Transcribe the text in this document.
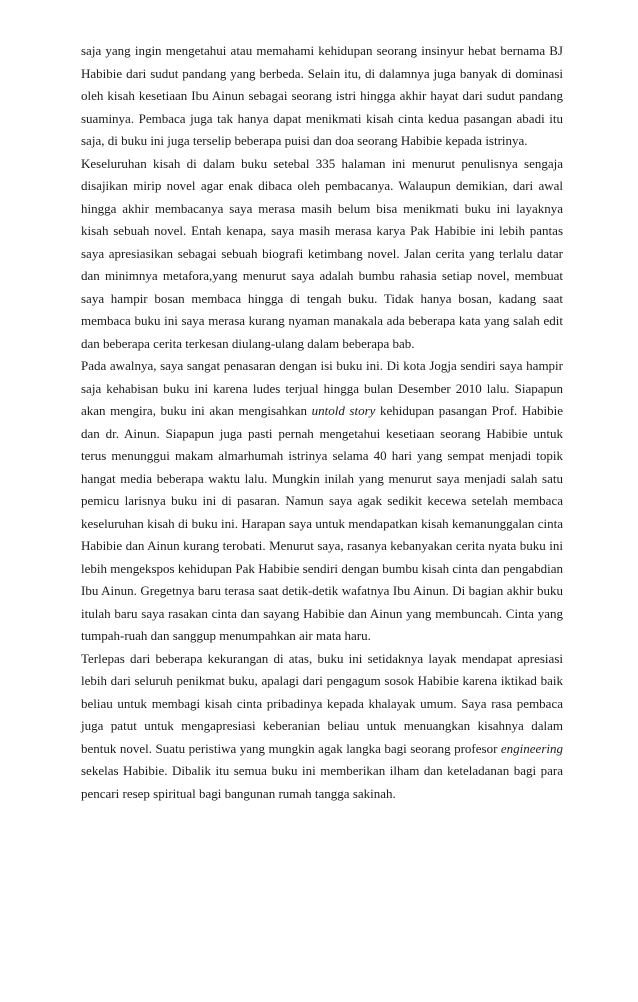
saja yang ingin mengetahui atau memahami kehidupan seorang insinyur hebat bernama BJ Habibie dari sudut pandang yang berbeda. Selain itu, di dalamnya juga banyak di dominasi oleh kisah kesetiaan Ibu Ainun sebagai seorang istri hingga akhir hayat dari sudut pandang suaminya. Pembaca juga tak hanya dapat menikmati kisah cinta kedua pasangan abadi itu saja, di buku ini juga terselip beberapa puisi dan doa seorang Habibie kepada istrinya.

Keseluruhan kisah di dalam buku setebal 335 halaman ini menurut penulisnya sengaja disajikan mirip novel agar enak dibaca oleh pembacanya. Walaupun demikian, dari awal hingga akhir membacanya saya merasa masih belum bisa menikmati buku ini layaknya kisah sebuah novel. Entah kenapa, saya masih merasa karya Pak Habibie ini lebih pantas saya apresiasikan sebagai sebuah biografi ketimbang novel. Jalan cerita yang terlalu datar dan minimnya metafora,yang menurut saya adalah bumbu rahasia setiap novel, membuat saya hampir bosan membaca hingga di tengah buku. Tidak hanya bosan, kadang saat membaca buku ini saya merasa kurang nyaman manakala ada beberapa kata yang salah edit dan beberapa cerita terkesan diulang-ulang dalam beberapa bab.

Pada awalnya, saya sangat penasaran dengan isi buku ini. Di kota Jogja sendiri saya hampir saja kehabisan buku ini karena ludes terjual hingga bulan Desember 2010 lalu. Siapapun akan mengira, buku ini akan mengisahkan untold story kehidupan pasangan Prof. Habibie dan dr. Ainun. Siapapun juga pasti pernah mengetahui kesetiaan seorang Habibie untuk terus menunggui makam almarhumah istrinya selama 40 hari yang sempat menjadi topik hangat media beberapa waktu lalu. Mungkin inilah yang menurut saya menjadi salah satu pemicu larisnya buku ini di pasaran. Namun saya agak sedikit kecewa setelah membaca keseluruhan kisah di buku ini. Harapan saya untuk mendapatkan kisah kemanunggalan cinta Habibie dan Ainun kurang terobati. Menurut saya, rasanya kebanyakan cerita nyata buku ini lebih mengekspos kehidupan Pak Habibie sendiri dengan bumbu kisah cinta dan pengabdian Ibu Ainun. Gregetnya baru terasa saat detik-detik wafatnya Ibu Ainun. Di bagian akhir buku itulah baru saya rasakan cinta dan sayang Habibie dan Ainun yang membuncah. Cinta yang tumpah-ruah dan sanggup menumpahkan air mata haru.

Terlepas dari beberapa kekurangan di atas, buku ini setidaknya layak mendapat apresiasi lebih dari seluruh penikmat buku, apalagi dari pengagum sosok Habibie karena iktikad baik beliau untuk membagi kisah cinta pribadinya kepada khalayak umum. Saya rasa pembaca juga patut untuk mengapresiasi keberanian beliau untuk menuangkan kisahnya dalam bentuk novel. Suatu peristiwa yang mungkin agak langka bagi seorang profesor engineering sekelas Habibie. Dibalik itu semua buku ini memberikan ilham dan keteladanan bagi para pencari resep spiritual bagi bangunan rumah tangga sakinah.
